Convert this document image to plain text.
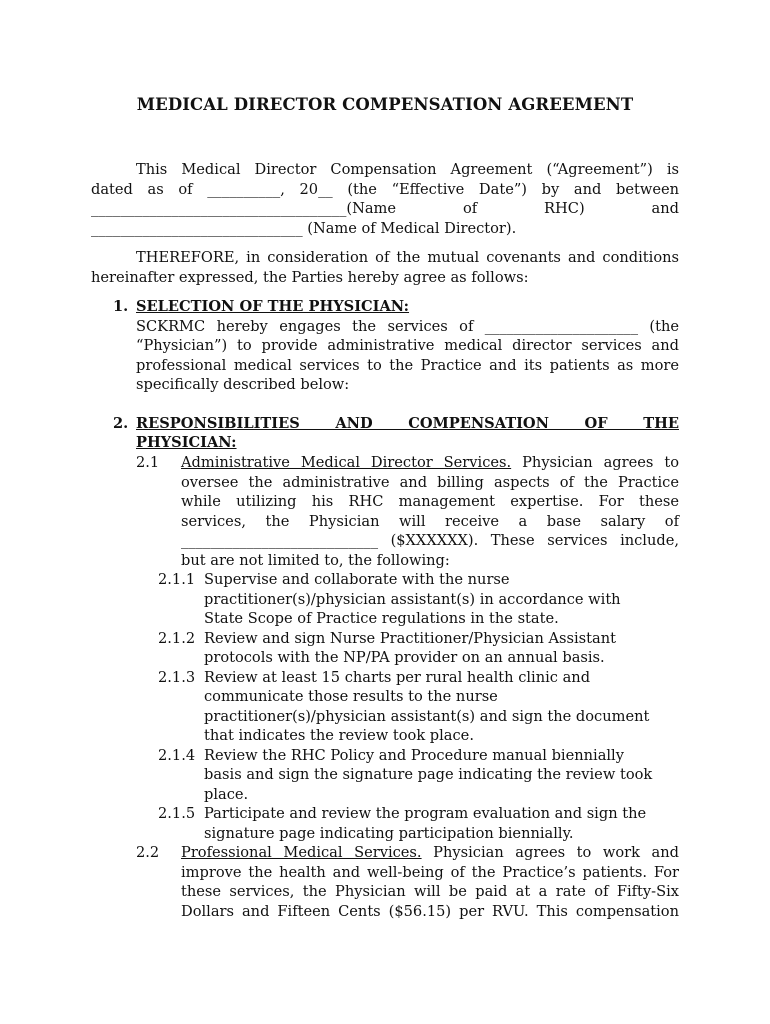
MEDICAL DIRECTOR COMPENSATION AGREEMENT
This Medical Director Compensation Agreement (“Agreement”) is
dated as of __________, 20__ (the “Effective Date”) by and between
___________________________________(Name of RHC) and
_____________________________ (Name of Medical Director).
THEREFORE, in consideration of the mutual covenants and conditions
hereinafter expressed, the Parties hereby agree as follows:
1. SELECTION OF THE PHYSICIAN:
SCKRMC hereby engages the services of _____________________ (the
“Physician”) to provide administrative medical director services and
professional medical services to the Practice and its patients as more
specifically described below:
2. RESPONSIBILITIES AND COMPENSATION OF THE
PHYSICIAN:
2.1 Administrative Medical Director Services. Physician agrees to
oversee the administrative and billing aspects of the Practice
while utilizing his RHC management expertise. For these
services, the Physician will receive a base salary of
___________________________ ($XXXXXX). These services include,
but are not limited to, the following:
2.1.1 Supervise and collaborate with the nurse
practitioner(s)/physician assistant(s) in accordance with
State Scope of Practice regulations in the state.
2.1.2 Review and sign Nurse Practitioner/Physician Assistant
protocols with the NP/PA provider on an annual basis.
2.1.3 Review at least 15 charts per rural health clinic and
communicate those results to the nurse
practitioner(s)/physician assistant(s) and sign the document
that indicates the review took place.
2.1.4 Review the RHC Policy and Procedure manual biennially
basis and sign the signature page indicating the review took
place.
2.1.5 Participate and review the program evaluation and sign the
signature page indicating participation biennially.
2.2 Professional Medical Services. Physician agrees to work and
improve the health and well-being of the Practice’s patients. For
these services, the Physician will be paid at a rate of Fifty-Six
Dollars and Fifteen Cents ($56.15) per RVU. This compensation
